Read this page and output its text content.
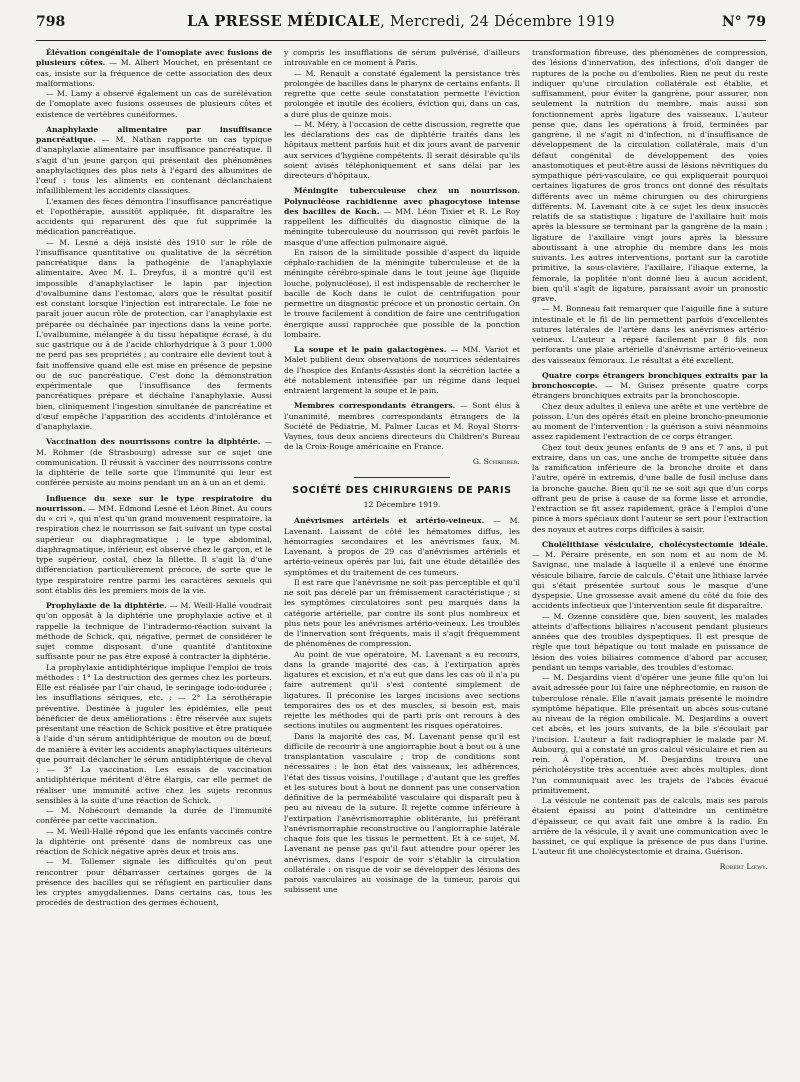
798	LA PRESSE MÉDICALE, Mercredi, 24 Décembre 1919	N° 79

Élévation congénitale de l'omoplate avec fusions de plusieurs côtes. — M. Albert Mouchet, en présentant ce cas, insiste sur la fréquence de cette association des deux malformations.

— M. Lamy a observé également un cas de surélévation de l'omoplate avec fusions osseuses de plusieurs côtes et existence de vertèbres cunéiformes.

Anaphylaxie alimentaire par insuffisance pancréatique. — M. Nathan rapporte un cas typique d'anaphylaxie alimentaire par insuffisance pancréatique. Il s'agit d'un jeune garçon qui présentait des phénomènes anaphylactiques des plus nets à l'égard des albumines de l'œuf : tous les aliments en contenant déclanchaient infailliblement les accidents classiques.

L'examen des fèces démontra l'insuffisance pancréatique et l'opothérapie, aussitôt appliquée, fit disparaître les accidents qui reparurent dès que fut supprimée la médication pancréatique.

— M. Lesné a déjà insisté dès 1910 sur le rôle de l'insuffisance quantitative ou qualitative de la sécrétion pancréatique dans la pathogénie de l'anaphylaxie alimentaire. Avec M. L. Dreyfus, il a montré qu'il est impossible d'anaphylactiser le lapin par injection d'ovalbumine dans l'estomac, alors que le résultat positif est constant lorsque l'injection est intrarectale. Le foie ne paraît jouer aucun rôle de protection, car l'anaphylaxie est préparée ou déchaînée par injections dans la veine porte. L'ovalbumine, mélangée à du tissu hépatique écrasé, à du suc gastrique ou à de l'acide chlorhydrique à 3 pour 1.000 ne perd pas ses propriétés ; au contraire elle devient tout à fait inoffensive quand elle est mise en présence de pepsine ou de suc pancréatique. C'est donc la démonstration expérimentale que l'insuffisance des ferments pancréatiques prépare et déchaîne l'anaphylaxie. Aussi bien, cliniquement l'ingestion simultanée de pancréatine et d'œuf empêche l'apparition des accidents d'intolérance et d'anaphylaxie.

Vaccination des nourrissons contre la diphtérie. — M. Rohmer (de Strasbourg) adresse sur ce sujet une communication. Il réussit à vacciner des nourrissons contre la diphtérie de telle sorte que l'immunité qui leur est conférée persiste au moins pendant un an à un an et demi.

Influence du sexe sur le type respiratoire du nourrisson. — MM. Edmond Lesné et Léon Binet. Au cours du « cri », qui n'est qu'un grand mouvement respiratoire, la respiration chez le nourrisson se fait suivant un type costal supérieur ou diaphragmatique ; le type abdominal, diaphragmatique, inférieur, est observé chez le garçon, et le type supérieur, costal, chez la fillette. Il s'agit là d'une différenciation particulièrement précoce, de sorte que le type respiratoire rentre parmi les caractères sexuels qui sont établis dès les premiers mois de la vie.

Prophylaxie de la diphtérie. — M. Weill-Hallé voudrait qu'on opposât à la diphtérie une prophylaxie active et il rappelle la technique de l'intradermo-réaction suivant la méthode de Schick, qui, négative, permet de considérer le sujet comme disposant d'une quantité d'antitoxine suffisante pour ne pas être exposé à contracter la diphtérie.

La prophylaxie antidiphtérique implique l'emploi de trois méthodes : 1° La destruction des germes chez les porteurs. Elle est réalisée par l'air chaud, le seringage iodo-iodurée ; les insufflations sériques, etc. ; — 2° La sérothérapie préventive. Destinée à juguler les épidémies, elle peut bénéficier de deux améliorations : être réservée aux sujets présentant une réaction de Schick positive et être pratiquée à l'aide d'un sérum antidiphtérique de mouton ou de bœuf, de manière à éviter les accidents anaphylactiques ultérieurs que pourrait déclancher le sérum antidiphtérique de cheval ; — 3° La vaccination. Les essais de vaccination antidiphtérique méritent d'être élargis, car elle permet de réaliser une immunité active chez les sujets reconnus sensibles à la suite d'une réaction de Schick.

— M. Nobécourt demande la durée de l'immunité conférée par cette vaccination.

— M. Weill-Hallé répond que les enfants vaccinés contre la diphtérie ont présenté dans de nombreux cas une réaction de Schick négative après deux et trois ans.

— M. Tollemer signale les difficultés qu'on peut rencontrer pour débarrasser certaines gorges de la présence des bacilles qui se réfugient en particulier dans les cryptes amygdaliennes. Dans certains cas, tous les procédés de destruction des germes échouent,

y compris les insufflations de sérum pulvérisé, d'ailleurs introuvable en ce moment à Paris.

— M. Renault a constaté également la persistance très prolongée de bacilles dans le pharynx de certains enfants. Il regrette que cette seule constatation permette l'éviction prolongée et inutile des écoliers, éviction qui, dans un cas, a duré plus de quinze mois.

— M. Méry, à l'occasion de cette discussion, regrette que les déclarations des cas de diphtérie traités dans les hôpitaux mettent parfois huit et dix jours avant de parvenir aux services d'hygiène compétents. Il serait désirable qu'ils soient avisés téléphoniquement et sans délai par les directeurs d'hôpitaux.

Méningite tuberculeuse chez un nourrisson. Polynucléose rachidienne avec phagocytose intense des bacilles de Koch. — MM. Léon Tixier et R. Le Roy rappellent les difficultés du diagnostic clinique de la méningite tuberculeuse du nourrisson qui revêt parfois le masque d'une affection pulmonaire aiguë.

En raison de la similitude possible d'aspect du liquide céphalo-rachidien de la méningite tuberculeuse et de la méningite cérébro-spinale dans le tout jeune âge (liquide louche, polynucléose), il est indispensable de rechercher le bacille de Koch dans le culot de centrifugation pour permettre un diagnostic précoce et un pronostic certain. On le trouve facilement à condition de faire une centrifugation énergique aussi rapprochée que possible de la ponction lombaire.

La soupe et le pain galactogènes. — MM. Variot et Malet publient deux observations de nourrices sédentaires de l'hospice des Enfants-Assistés dont la sécrétion lactée a été notablement intensifiée par un régime dans lequel entraient largement la soupe et le pain.

Membres correspondants étrangers. — Sont élus à l'unanimité, membres correspondants étrangers de la Société de Pédiatrie, M. Palmer Lucas et M. Royal Storrs-Vaynes, tous deux anciens directeurs du Children's Bureau de la Croix-Rouge américaine en France.

G. Schreiber.

SOCIÉTÉ DES CHIRURGIENS DE PARIS

12 Décembre 1919.

Anévrismes artériels et artério-veineux. — M. Lavenant. Laissant de côté les hématomes diffus, les hémorragies secondaires et les anévrismes faux, M. Lavenant, à propos de 29 cas d'anévrismes artériels et artério-veineux opérés par lui, fait une étude détaillée des symptômes et du traitement de ces tumeurs.

Il est rare que l'anévrisme ne soit pas perceptible et qu'il ne soit pas décelé par un frémissement caractéristique ; si les symptômes circulatoires sont peu marqués dans la catégorie artérielle, par contre ils sont plus nombreux et plus nets pour les anévrismes artério-veineux. Les troubles de l'innervation sont fréquents, mais il s'agit fréquemment de phénomènes de compression.

Au point de vue opératoire, M. Lavenant a eu recours, dans la grande majorité des cas, à l'extirpation après ligatures et excision, et n'a eut que dans les cas où il n'a pu faire autrement qu'il s'est contenté simplement de ligatures. Il préconise les larges incisions avec sections temporaires des os et des muscles, si besoin est, mais rejette les méthodes qui de parti pris ont recours à des sections inutiles ou augmentent les risques opératoires.

Dans la majorité des cas, M. Lavenant pense qu'il est difficile de recourir à une angiorraphie bout à bout ou à une transplantation vasculaire ; trop de conditions sont nécessaires : le bon état des vaisseaux, les adhérences, l'état des tissus voisins, l'outillage ; d'autant que les greffes et les sutures bout à bout ne donnent pas une conservation définitive de la perméabilité vasculaire qui disparaît peu à peu au niveau de la suture. Il rejette comme inférieure à l'extirpation l'anévrismorraphie oblitérante, lui préférant l'anévrismorraphie reconstructive ou l'angiorraphie latérale chaque fois que les tissus le permettent. Et à ce sujet, M. Lavenant ne pense pas qu'il faut attendre pour opérer les anévrismes, dans l'espoir de voir s'établir la circulation collatérale : on risque de voir se développer des lésions des parois vasculaires au voisinage de la tumeur, parois qui subissent une

transformation fibreuse, des phénomènes de compression, des lésions d'innervation, des infections, d'où danger de ruptures de la poche ou d'embolies. Rien ne peut du reste indiquer qu'une circulation collatérale est établie, et suffisamment, pour éviter la gangrène, pour assurer, non seulement la nutrition du membre, mais aussi son fonctionnement après ligature des vaisseaux. L'auteur pense que, dans les opérations à froid, terminées par gangrène, il ne s'agit ni d'infection, ni d'insuffisance de développement de la circulation collatérale, mais d'un défaut congénital de développement des voies anastomotiques et peut-être aussi de lésions névritiques du sympathique péri-vasculaire, ce qui expliquerait pourquoi certaines ligatures de gros troncs ont donné des résultats différents avec un même chirurgien ou des chirurgiens différents. M. Lavenant cite à ce sujet les deux insuccès relatifs de sa statistique : ligature de l'axillaire huit mois après la blessure se terminant par la gangrène de la main ; ligature de l'axillaire vingt jours après la blessure aboutissant à une atrophie du membre dans les mois suivants. Les autres interventions, portant sur la carotide primitive, la sous-clavière, l'axillaire, l'iliaque externe, la fémorale, la poplitée n'ont donné lieu à aucun accident, bien qu'il s'agît de ligature, paraissant avoir un pronostic grave.

— M. Bonneau fait remarquer que l'aiguille fine à suture intestinale et le fil de lin permettent parfois d'excellentes sutures latérales de l'artère dans les anévrismes artério-veineux. L'auteur a réparé facilement par 8 fils non perforants une plaie artérielle d'anévrisme artério-veineux des vaisseaux fémoraux. Le résultat a été excellent.

Quatre corps étrangers bronchiques extraits par la bronchoscopie. — M. Guisez présente quatre corps étrangers bronchiques extraits par la bronchoscopie.

Chez deux adultes il enleva une arête et une vertèbre de poisson. L'un des opérés était en pleine broncho-pneumonie au moment de l'intervention : la guérison a suivi néanmoins assez rapidement l'extraction de ce corps étranger.

Chez tout deux jeunes enfants de 9 ans et 7 ans, il put extraire, dans un cas, une anche de trompette située dans la ramification inférieure de la bronche droite et dans l'autre, opéré in extremis, d'une balle de fusil incluse dans la bronche gauche. Bien qu'il ne se soit agi que d'un corps offrant peu de prise à cause de sa forme lisse et arrondie, l'extraction se fit assez rapidement, grâce à l'emploi d'une pince à mors spéciaux dont l'auteur se sert pour l'extraction des noyaux et autres corps difficiles à saisir.

Cholélithiase vésiculaire, cholécystectomie idéale. — M. Péraire présente, en son nom et au nom de M. Savignac, une malade à laquelle il a enlevé une énorme vésicule biliaire, farcie de calculs. C'était une lithiase larvée qui s'était présentée surtout sous le masque d'une dyspepsie. Une grossesse avait amené du côté du foie des accidents infectieux que l'intervention seule fit disparaître.

— M. Ozenne considère que, bien souvent, les malades atteints d'affections biliaires n'accusent pendant plusieurs années que des troubles dyspeptiques. Il est presque de règle que tout hépatique ou tout malade en puissance de lésion des voies biliaires commence d'abord par accuser, pendant un temps variable, des troubles d'estomac.

— M. Desjardins vient d'opérer une jeune fille qu'on lui avait adressée pour lui faire une néphrectomie, en raison de tuberculose rénale. Elle n'avait jamais présenté le moindre symptôme hépatique. Elle présentait un abcès sous-cutané au niveau de la région ombilicale. M. Desjardins a ouvert cet abcès, et les jours suivants, de la bile s'écoulait par l'incision. L'auteur a fait radiographier le malade par M. Aubourg, qui a constaté un gros calcul vésiculaire et rien au rein. À l'opération, M. Desjardins trouva une péricholécystite très accentuée avec abcès multiples, dont l'un communiquait avec les trajets de l'abcès évacué primitivement.

La vésicule ne contenait pas de calculs, mais ses parois étaient épaissi au point d'atteindre un centimètre d'épaisseur, ce qui avait fait une ombre à la radio. En arrière de la vésicule, il y avait une communication avec le bassinet, ce qui explique la présence de pus dans l'urine. L'auteur fit une cholécystectomie et draina. Guérison.

Robert Lœwy.
